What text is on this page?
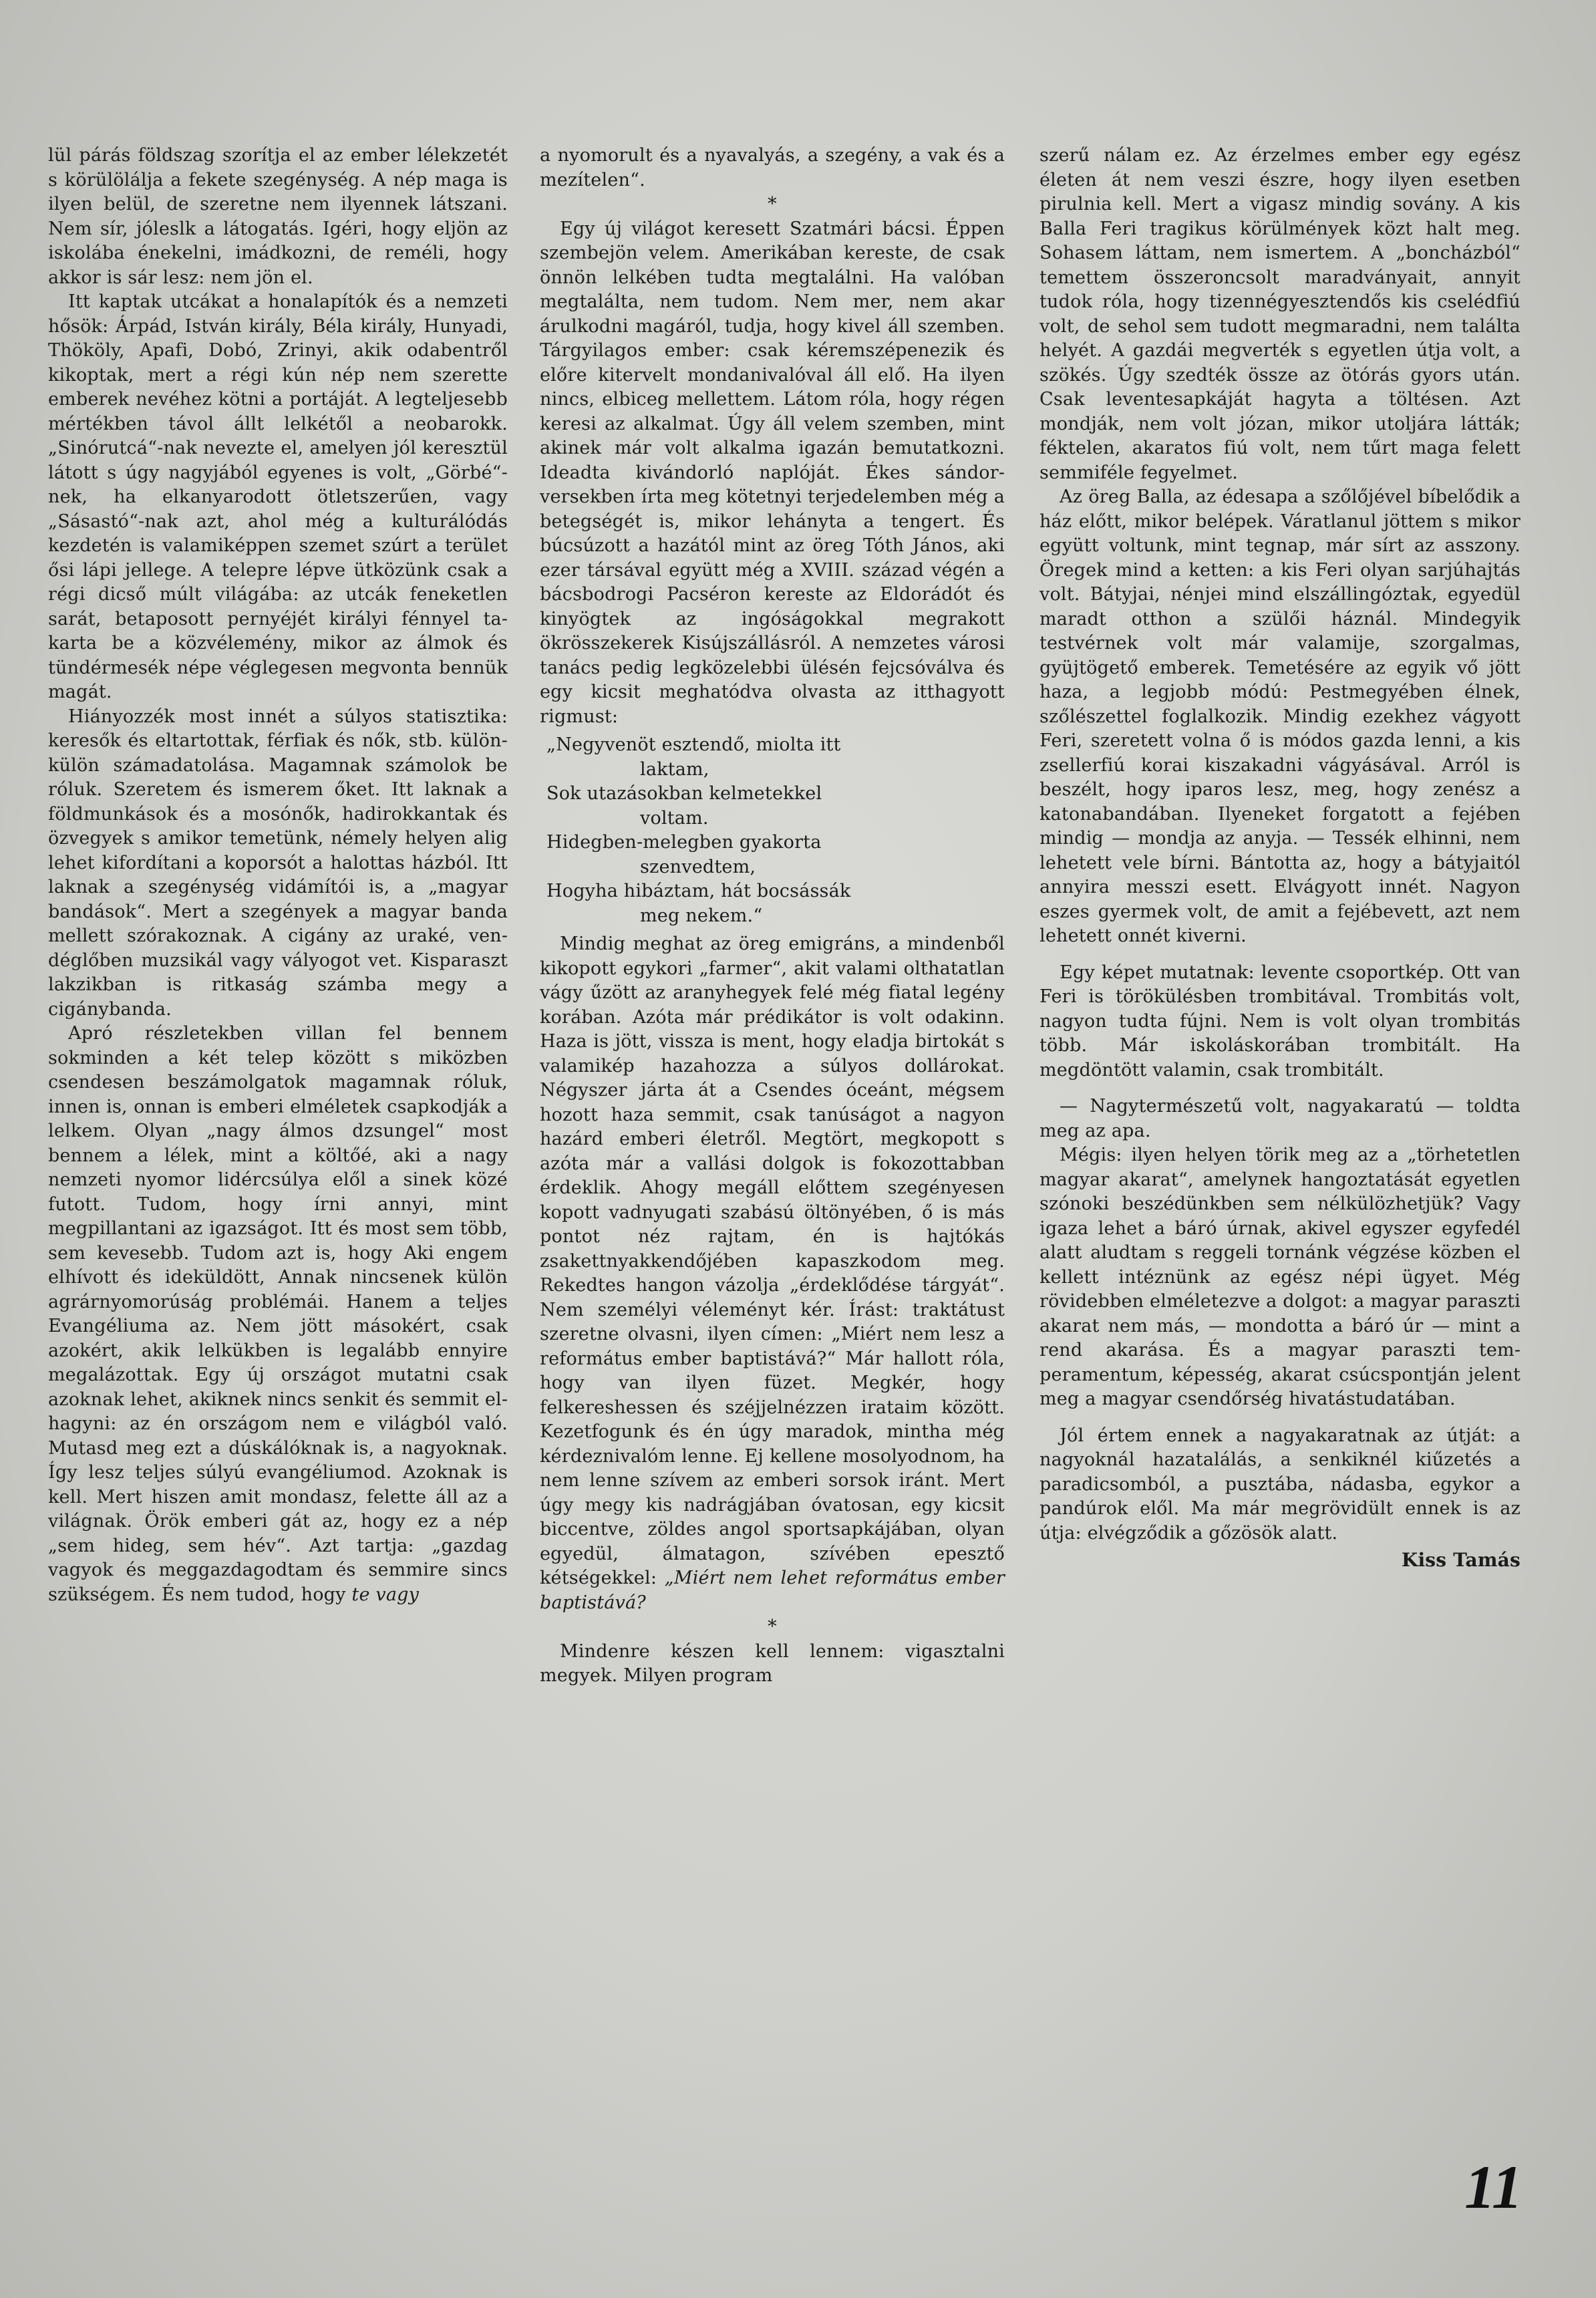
lül párás földszag szorítja el az ember lélekzetét s körülölálja a fekete szegénység. A nép maga is ilyen belül, de szeretne nem ilyennek látszani. Nem sír, jóleslk a látogatás. Igéri, hogy eljön az iskolába énekelni, imádkozni, de reméli, hogy akkor is sár lesz: nem jön el.

Itt kaptak utcákat a honalapítók és a nemzeti hősök: Árpád, István király, Béla király, Hunyadi, Thököly, Apafi, Dobó, Zrinyi, akik odabentről kikoptak, mert a régi kún nép nem szerette emberek nevéhez kötni a portáját. A legteljesebb mértékben távol állt lelkétől a neobarokk. „Sinórutcá“-nak nevezte el, amelyen jól keresztül látott s úgy nagyjából egyenes is volt, „Görbé“-nek, ha elkanyarodott ötletszerűen, vagy „Sásastó“-nak azt, ahol még a kulturálódás kezdetén is valamiképpen szemet szúrt a terület ősi lápi jellege. A telepre lépve ütközünk csak a régi dicső múlt világába: az utcák feneketlen sarát, betaposott pernyéjét királyi fénnyel takarta be a közvélemény, mikor az álmok és tündérmesék népe véglegesen megvonta bennük magát.

Hiányozzék most innét a súlyos statisztika: keresők és eltartottak, férfiak és nők, stb. külön-külön számadatolása. Magamnak számolok be róluk. Szeretem és ismerem őket. Itt laknak a földmunkások és a mosónők, hadirokkantak és özvegyek s amikor temetünk, némely helyen alig lehet kifordítani a koporsót a halottas házból. Itt laknak a szegénység vidámítói is, a „magyar bandások“. Mert a szegények a magyar banda mellett szórakoznak. A cigány az uraké, vendéglőben muzsikál vagy vályogot vet. Kisparaszt lakzikban is ritkaság számba megy a cigánybanda.

Apró részletekben villan fel bennem sokminden a két telep között s miközben csendesen beszámolgatok magamnak róluk, innen is, onnan is emberi elméletek csapkodják a lelkem. Olyan „nagy álmos dzsungel“ most bennem a lélek, mint a költőé, aki a nagy nemzeti nyomor lidércsúlya elől a sinek közé futott. Tudom, hogy írni annyi, mint megpillantani az igazságot. Itt és most sem több, sem kevesebb. Tudom azt is, hogy Aki engem elhívott és ideküldött, Annak nincsenek külön agrárnyomorúság problémái. Hanem a teljes Evangéliuma az. Nem jött másokért, csak azokért, akik lelkükben is legalább ennyire megalázottak. Egy új országot mutatni csak azoknak lehet, akiknek nincs senkit és semmit elhagyni: az én országom nem e világból való. Mutasd meg ezt a dúskálóknak is, a nagyoknak. Így lesz teljes súlyú evangéliumod. Azoknak is kell. Mert hiszen amit mondasz, felette áll az a világnak. Örök emberi gát az, hogy ez a nép „sem hideg, sem hév“. Azt tartja: „gazdag vagyok és meggazdagodtam és semmire sincs szükségem. És nem tudod, hogy te vagy

a nyomorult és a nyavalyás, a szegény, a vak és a mezítelen“.

*

Egy új világot keresett Szatmári bácsi. Éppen szembejön velem. Amerikában kereste, de csak önnön lelkében tudta megtalálni. Ha valóban megtalálta, nem tudom. Nem mer, nem akar árulkodni magáról, tudja, hogy kivel áll szemben. Tárgyilagos ember: csak kéremszépenezik és előre kitervelt mondanivalóval áll elő. Ha ilyen nincs, elbiceg mellettem. Látom róla, hogy régen keresi az alkalmat. Úgy áll velem szemben, mint akinek már volt alkalma igazán bemutatkozni. Ideadta kivándorló naplóját. Ékes sándorversekben írta meg kötetnyi terjedelemben még a betegségét is, mikor lehányta a tengert. És búcsúzott a hazától mint az öreg Tóth János, aki ezer társával együtt még a XVIII. század végén a bácsbodrogi Pacséron kereste az Eldorádót és kinyögtek az ingóságokkal megrakott ökrösszekerek Kisújszállásról. A nemzetes városi tanács pedig legközelebbi ülésén fejcsóválva és egy kicsit meghatódva olvasta az itthagyott rigmust:

„Negyvenöt esztendő, miolta itt
laktam,
Sok utazásokban kelmetekkel
voltam.
Hidegben-melegben gyakorta
szenvedtem,
Hogyha hibáztam, hát bocsássák
meg nekem.“

Mindig meghat az öreg emigráns, a mindenből kikopott egykori „farmer“, akit valami olthatatlan vágy űzött az aranyhegyek felé még fiatal legény korában. Azóta már prédikátor is volt odakinn. Haza is jött, vissza is ment, hogy eladja birtokát s valamikép hazahozza a súlyos dollárokat. Négyszer járta át a Csendes óceánt, mégsem hozott haza semmit, csak tanúságot a nagyon hazárd emberi életről. Megtört, megkopott s azóta már a vallási dolgok is fokozottabban érdeklik. Ahogy megáll előttem szegényesen kopott vadnyugati szabású öltönyében, ő is más pontot néz rajtam, én is hajtókás zsakettnyakkendőjében kapaszkodom meg. Rekedtes hangon vázolja „érdeklődése tárgyát“. Nem személyi véleményt kér. Írást: traktátust szeretne olvasni, ilyen címen: „Miért nem lesz a református ember baptistává?“ Már hallott róla, hogy van ilyen füzet. Megkér, hogy felkereshessen és széjjelnézzen irataim között. Kezetfogunk és én úgy maradok, mintha még kérdeznivalóm lenne. Ej kellene mosolyodnom, ha nem lenne szívem az emberi sorsok iránt. Mert úgy megy kis nadrágjában óvatosan, egy kicsit biccentve, zöldes angol sportsapkájában, olyan egyedül, álmatagon, szívében epesztő kétségekkel: „Miért nem lehet református ember baptistává?

*

Mindenre készen kell lennem: vigasztalni megyek. Milyen program

szerű nálam ez. Az érzelmes ember egy egész életen át nem veszi észre, hogy ilyen esetben pirulnia kell. Mert a vigasz mindig sovány. A kis Balla Feri tragikus körülmények közt halt meg. Sohasem láttam, nem ismertem. A „boncházból“ temettem összeroncsolt maradványait, annyit tudok róla, hogy tizennégyesztendős kis cselédfiú volt, de sehol sem tudott megmaradni, nem találta helyét. A gazdái megverték s egyetlen útja volt, a szökés. Úgy szedték össze az ötórás gyors után. Csak leventesapkáját hagyta a töltésen. Azt mondják, nem volt józan, mikor utoljára látták; féktelen, akaratos fiú volt, nem tűrt maga felett semmiféle fegyelmet.

Az öreg Balla, az édesapa a szőlőjével bíbelődik a ház előtt, mikor belépek. Váratlanul jöttem s mikor együtt voltunk, mint tegnap, már sírt az asszony. Öregek mind a ketten: a kis Feri olyan sarjúhajtás volt. Bátyjai, nénjei mind elszállingóztak, egyedül maradt otthon a szülői háznál. Mindegyik testvérnek volt már valamije, szorgalmas, gyüjtögető emberek. Temetésére az egyik vő jött haza, a legjobb módú: Pestmegyében élnek, szőlészettel foglalkozik. Mindig ezekhez vágyott Feri, szeretett volna ő is módos gazda lenni, a kis zsellerfiú korai kiszakadni vágyásával. Arról is beszélt, hogy iparos lesz, meg, hogy zenész a katonabandában. Ilyeneket forgatott a fejében mindig — mondja az anyja. — Tessék elhinni, nem lehetett vele bírni. Bántotta az, hogy a bátyjaitól annyira messzi esett. Elvágyott innét. Nagyon eszes gyermek volt, de amit a fejébevett, azt nem lehetett onnét kiverni.

Egy képet mutatnak: levente csoportkép. Ott van Feri is törökülésben trombitával. Trombitás volt, nagyon tudta fújni. Nem is volt olyan trombitás több. Már iskoláskorában trombitált. Ha megdöntött valamin, csak trombitált.

— Nagytermészetű volt, nagyakaratú — toldta meg az apa.

Mégis: ilyen helyen törik meg az a „törhetetlen magyar akarat“, amelynek hangoztatását egyetlen szónoki beszédünkben sem nélkülözhetjük? Vagy igaza lehet a báró úrnak, akivel egyszer egyfedél alatt aludtam s reggeli tornánk végzése közben el kellett intéznünk az egész népi ügyet. Még rövidebben elméletezve a dolgot: a magyar paraszti akarat nem más, — mondotta a báró úr — mint a rend akarása. És a magyar paraszti temperamentum, képesség, akarat csúcspontján jelent meg a magyar csendőrség hivatástudatában.

Jól értem ennek a nagyakaratnak az útját: a nagyoknál hazatalálás, a senkiknél kiűzetés a paradicsomból, a pusztába, nádasba, egykor a pandúrok elől. Ma már megrövidült ennek is az útja: elvégződik a gőzösök alatt.

Kiss Tamás
11
